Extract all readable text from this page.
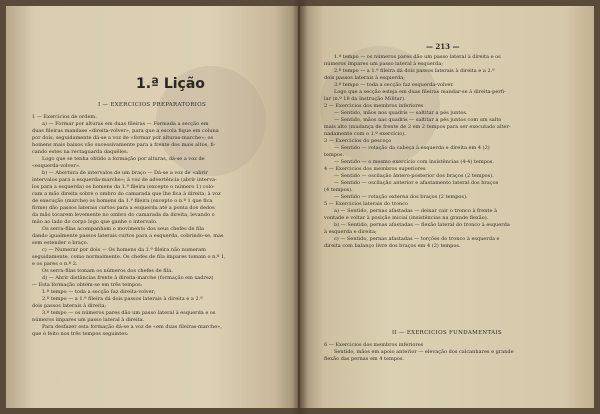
1.ª Lição
I — EXERCICIOS PREPARATORIOS

1 — Exercicios de ordem.

a) — Formar por alturas em duas fileiras — Formada a secção em

duas fileiras mandase «direita-volver», para que a escola fique em coluna

por dois; seguidamente dá-se a voz de «formar por alturas-marche»; os

homens mais baixos vão sucessivamente para a frente dos mais altos, fi-

cando estes na rectaguarda daquêles.

Logo que se tenha obtido a formação por alturas, dá-se a voz de

«esquerda-volver».

b) — Abertura de intervalos de um braço — Dá-se a voz de «abrir

intervalos para a esquerda-marche»; à voz de advertência (abrir interva-

los para a esquerda) os homens da 1.ª fileira (excepto o número 1) colo-

cam a mão direita sobre o ombro do camarada que lhe fica à direita; à voz

de execução (marche) os homens da 1.ª fileira (excepto o n.º 1 que fica

firme) dão passos laterais curtos para a esquerda até a ponta dos dedos

da mão tocarem levemente no ombro do camarada da direita, levando o

mão ao lado do corpo logo que ganhe o intervalo.

Os serra-filas acompanham o movimento dos seus chefes de fila

dando igualmente passos laterais curtos para a esquerda, cobrindo-se, mas

sem estender o braço.

c) — Numerar por dois — Os homens da 1.ª fileira não numeram

seguidamente, como normalmente. Os chefes de fila ímpares tomam o n.º 1,

e os pares o n.º 2.

Os serra-filas tomam os números dos chefes de fila.

d) — Abrir distâncias frente à direita-marche (formação em xadrez)

— Esta formação obtém-se em três tempos:

1.º tempo — toda a secção faz direita-volver;

2.º tempo — a 1.ª fileira dá dois passos laterais à direita e a 2.ª

dois passos laterais à direita;

3.º tempo — os números pares dão um passo lateral à esquerda e os

números ímpares um passo lateral à direita.

Para desfazer esta formação dá-se a voz de «em duas fileiras-marche»,

que é feito nos três tempos seguintes:

— 213 —

1.º tempo — os números pares dão um passo lateral à direita e os

números ímpares um passo lateral à esquerda;

2.º tempo — a 1.ª fileira dá dois passos laterais à direita e a 2.ª

dois passos laterais à esquerda;

3.º tempo — toda a secção faz esquerda-volver.

Logo que a secção esteja em duas fileiras mandar-se à direita-perfi-

lar (n.º 18 da Instrução Militar).

2 — Exercicios dos membros inferiores

— Sentido, mãos nos quadris — saltitar a pés juntos.

— Sentido, mãos nas quadris — saltitar a pés juntos com um salto

mais alto (mudança de frente de 2 em 2 tempos para ser executado alter-

nadamente com o 1.º exercício).

3 — Exercicios do pescoço

— Sentido — rotação da cabeça à esquerda e direita em 4 (2)

tempos.

— Sentido — o mesmo exercício com insistências (4-4) tempos.

4 — Exercicios dos membros superiores

— Sentido — oscilação ântero-posterior dos braços (2 tempos).

— Sentido — oscilação anterior e afastamento lateral dos braços

(4 tempos).

— Sentido — rotação externa dos braços (2 tempos).

5 — Exercicios laterais do tronco

a) — Sentido, pernas afastadas — deixar cair o tronco à frente à

vontade e voltar à posição inicial (insistências na grande flexão).

b) — Sentido, pernas afastadas — flexão lateral do tronco à esquerda

à esquerda e direita;

c) — Sentido, pernas afastadas — torções do tronco à esquerda e

direita com balanço livre dos braços em 4 (2) tempos.

II — EXERCICIOS FUNDAMENTAIS

6 — Exercicios dos membros inferiores

Sentido, mãos em apoio anterior — elevação dos calcanhares e grande

flexão das pernas em 4 tempos.
